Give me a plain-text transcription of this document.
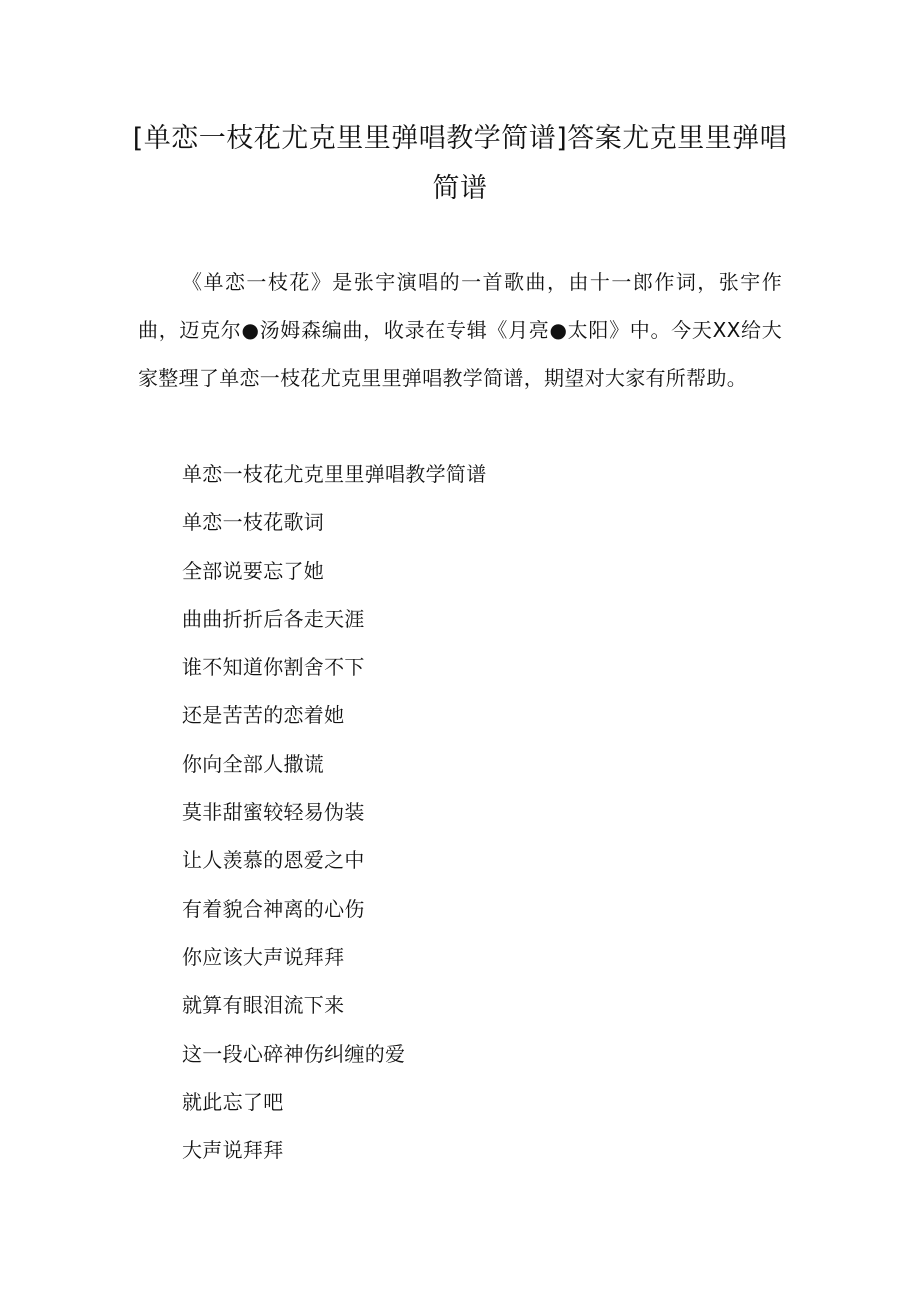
[单恋一枝花尤克里里弹唱教学简谱]答案尤克里里弹唱简谱

《单恋一枝花》是张宇演唱的一首歌曲，由十一郎作词，张宇作曲，迈克尔●汤姆森编曲，收录在专辑《月亮●太阳》中。今天XX给大家整理了单恋一枝花尤克里里弹唱教学简谱，期望对大家有所帮助。

单恋一枝花尤克里里弹唱教学简谱
单恋一枝花歌词
全部说要忘了她
曲曲折折后各走天涯
谁不知道你割舍不下
还是苦苦的恋着她
你向全部人撒谎
莫非甜蜜较轻易伪装
让人羡慕的恩爱之中
有着貌合神离的心伤
你应该大声说拜拜
就算有眼泪流下来
这一段心碎神伤纠缠的爱
就此忘了吧
大声说拜拜
